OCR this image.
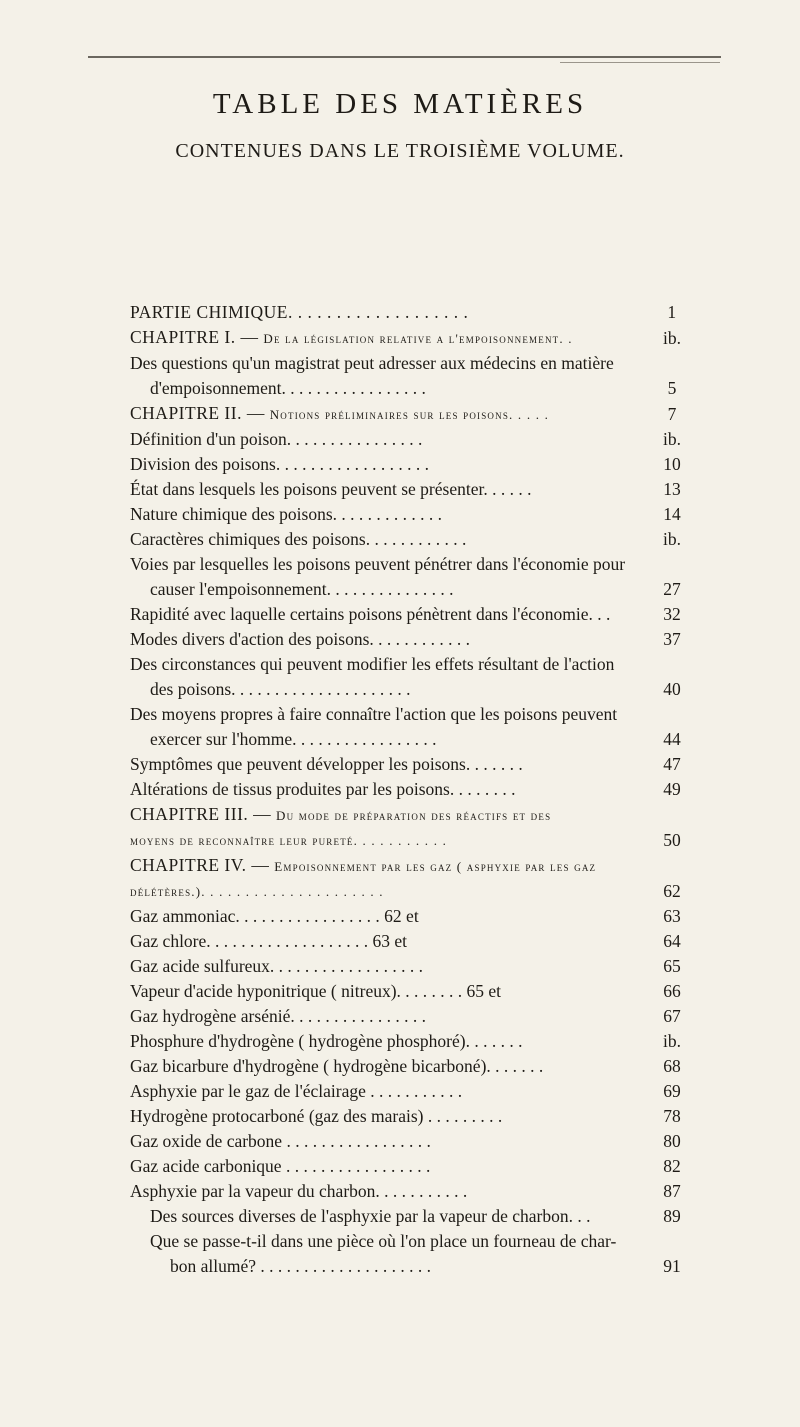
TABLE DES MATIÈRES
CONTENUES DANS LE TROISIÈME VOLUME.
PARTIE CHIMIQUE. . . . . . . . . . . . . . . . . . .	1
CHAPITRE I. — De la législation relative a l'empoisonnement. .	ib.
Des questions qu'un magistrat peut adresser aux médecins en matière
d'empoisonnement. . . . . . . . . . . . . . . . .	5
CHAPITRE II. — Notions préliminaires sur les poisons. . . . .	7
Définition d'un poison. . . . . . . . . . . . . . . .	ib.
Division des poisons. . . . . . . . . . . . . . . . . .	10
État dans lesquels les poisons peuvent se présenter. . . . . .	13
Nature chimique des poisons. . . . . . . . . . . . .	14
Caractères chimiques des poisons. . . . . . . . . . . .	ib.
Voies par lesquelles les poisons peuvent pénétrer dans l'économie pour
causer l'empoisonnement. . . . . . . . . . . . . . .	27
Rapidité avec laquelle certains poisons pénètrent dans l'économie. . .	32
Modes divers d'action des poisons. . . . . . . . . . . .	37
Des circonstances qui peuvent modifier les effets résultant de l'action
des poisons. . . . . . . . . . . . . . . . . . . . .	40
Des moyens propres à faire connaître l'action que les poisons peuvent
exercer sur l'homme. . . . . . . . . . . . . . . . .	44
Symptômes que peuvent développer les poisons. . . . . . .	47
Altérations de tissus produites par les poisons. . . . . . . .	49
CHAPITRE III. — Du mode de préparation des réactifs et des
moyens de reconnaître leur pureté. . . . . . . . . . .	50
CHAPITRE IV. — Empoisonnement par les gaz ( asphyxie par les gaz
délétères.). . . . . . . . . . . . . . . . . . . . .	62
Gaz ammoniac. . . . . . . . . . . . . . . . . 62 et	63
Gaz chlore. . . . . . . . . . . . . . . . . . . 63 et	64
Gaz acide sulfureux. . . . . . . . . . . . . . . . . .	65
Vapeur d'acide hyponitrique ( nitreux). . . . . . . . 65 et	66
Gaz hydrogène arsénié. . . . . . . . . . . . . . . .	67
Phosphure d'hydrogène ( hydrogène phosphoré). . . . . . .	ib.
Gaz bicarbure d'hydrogène ( hydrogène bicarboné). . . . . . .	68
Asphyxie par le gaz de l'éclairage . . . . . . . . . . .	69
Hydrogène protocarboné (gaz des marais) . . . . . . . . .	78
Gaz oxide de carbone . . . . . . . . . . . . . . . . .	80
Gaz acide carbonique . . . . . . . . . . . . . . . . .	82
Asphyxie par la vapeur du charbon. . . . . . . . . . .	87
Des sources diverses de l'asphyxie par la vapeur de charbon. . .	89
Que se passe-t-il dans une pièce où l'on place un fourneau de char-
bon allumé? . . . . . . . . . . . . . . . . . . . .	91
